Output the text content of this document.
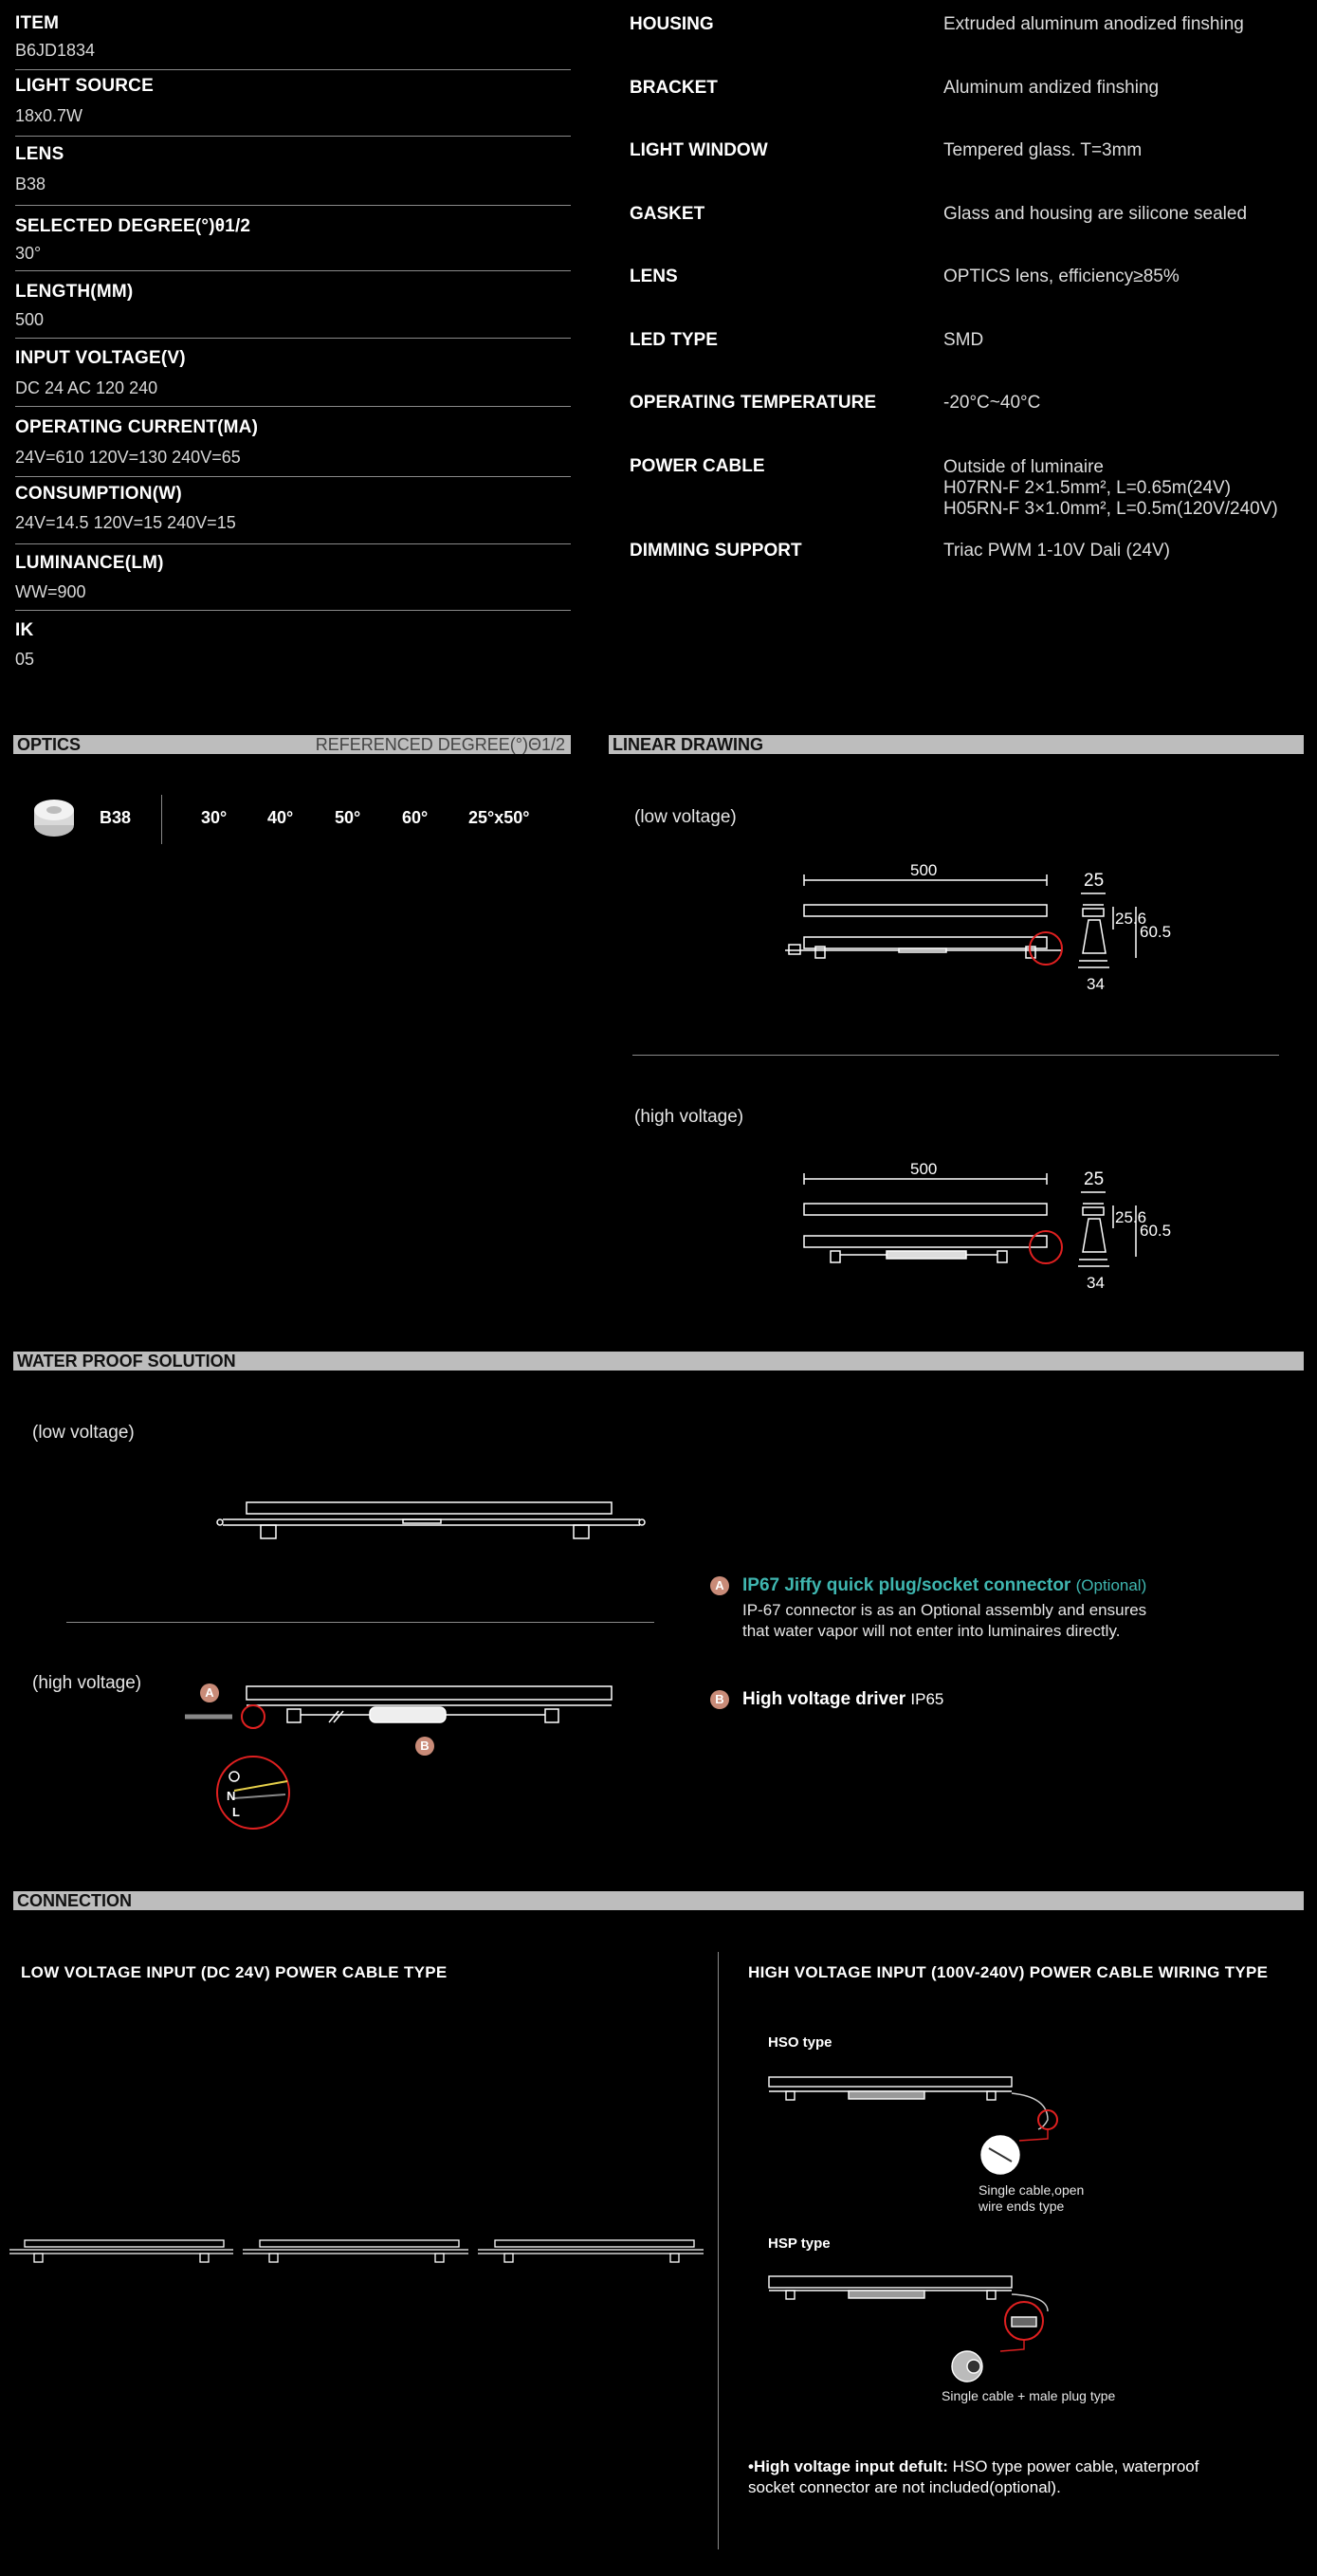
ITEM
B6JD1834
LIGHT SOURCE
18x0.7W
LENS
B38
SELECTED DEGREE(°)θ1/2
30°
LENGTH(MM)
500
INPUT VOLTAGE(V)
DC 24 AC 120 240
OPERATING CURRENT(MA)
24V=610 120V=130 240V=65
CONSUMPTION(W)
24V=14.5 120V=15 240V=15
LUMINANCE(LM)
WW=900
IK
05
HOUSING	Extruded aluminum anodized finshing
BRACKET	Aluminum andized finshing
LIGHT WINDOW	Tempered glass. T=3mm
GASKET	Glass and housing are silicone sealed
LENS	OPTICS lens, efficiency≥85%
LED TYPE	SMD
OPERATING TEMPERATURE	-20°C~40°C
POWER CABLE	Outside of luminaire
H07RN-F 2×1.5mm², L=0.65m(24V)
H05RN-F 3×1.0mm², L=0.5m(120V/240V)
DIMMING SUPPORT	Triac PWM 1-10V Dali (24V)
OPTICS	REFERENCED DEGREE(°)Θ1/2
B38	30° 40° 50° 60° 25°x50°
LINEAR DRAWING
(low voltage)
500
25
25.6
60.5
34
(high voltage)
500
25
25.6
60.5
34
WATER PROOF SOLUTION
(low voltage)
(high voltage)
N
L
A
B
A IP67 Jiffy quick plug/socket connector (Optional)
IP-67 connector is as an Optional assembly and ensures
that water vapor will not enter into luminaires directly.
B High voltage driver IP65
CONNECTION
LOW VOLTAGE INPUT (DC 24V) POWER CABLE TYPE	HIGH VOLTAGE INPUT (100V-240V) POWER CABLE WIRING TYPE
HSO type
Single cable,open
wire ends type
HSP type
Single cable + male plug type
•High voltage input defult: HSO type power cable, waterproof
socket connector are not included(optional).
